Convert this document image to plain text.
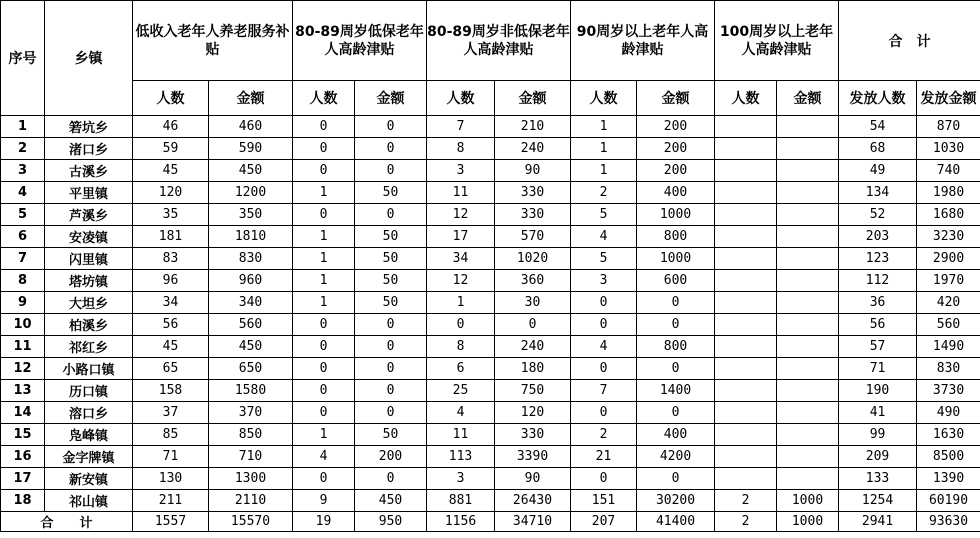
序号	乡镇	低收入老年人养老服务补贴		80-89周岁低保老年人高龄津贴		80-89周岁非低保老年人高龄津贴		90周岁以上老年人高龄津贴		100周岁以上老年人高龄津贴		合　计	
		人数	金额	人数	金额	人数	金额	人数	金额	人数	金额	发放人数	发放金额
1	箬坑乡	46	460	0	0	7	210	1	200			54	870
2	渚口乡	59	590	0	0	8	240	1	200			68	1030
3	古溪乡	45	450	0	0	3	90	1	200			49	740
4	平里镇	120	1200	1	50	11	330	2	400			134	1980
5	芦溪乡	35	350	0	0	12	330	5	1000			52	1680
6	安凌镇	181	1810	1	50	17	570	4	800			203	3230
7	闪里镇	83	830	1	50	34	1020	5	1000			123	2900
8	塔坊镇	96	960	1	50	12	360	3	600			112	1970
9	大坦乡	34	340	1	50	1	30	0	0			36	420
10	柏溪乡	56	560	0	0	0	0	0	0			56	560
11	祁红乡	45	450	0	0	8	240	4	800			57	1490
12	小路口镇	65	650	0	0	6	180	0	0			71	830
13	历口镇	158	1580	0	0	25	750	7	1400			190	3730
14	溶口乡	37	370	0	0	4	120	0	0			41	490
15	凫峰镇	85	850	1	50	11	330	2	400			99	1630
16	金字牌镇	71	710	4	200	113	3390	21	4200			209	8500
17	新安镇	130	1300	0	0	3	90	0	0			133	1390
18	祁山镇	211	2110	9	450	881	26430	151	30200	2	1000	1254	60190
合　　计		1557	15570	19	950	1156	34710	207	41400	2	1000	2941	93630
